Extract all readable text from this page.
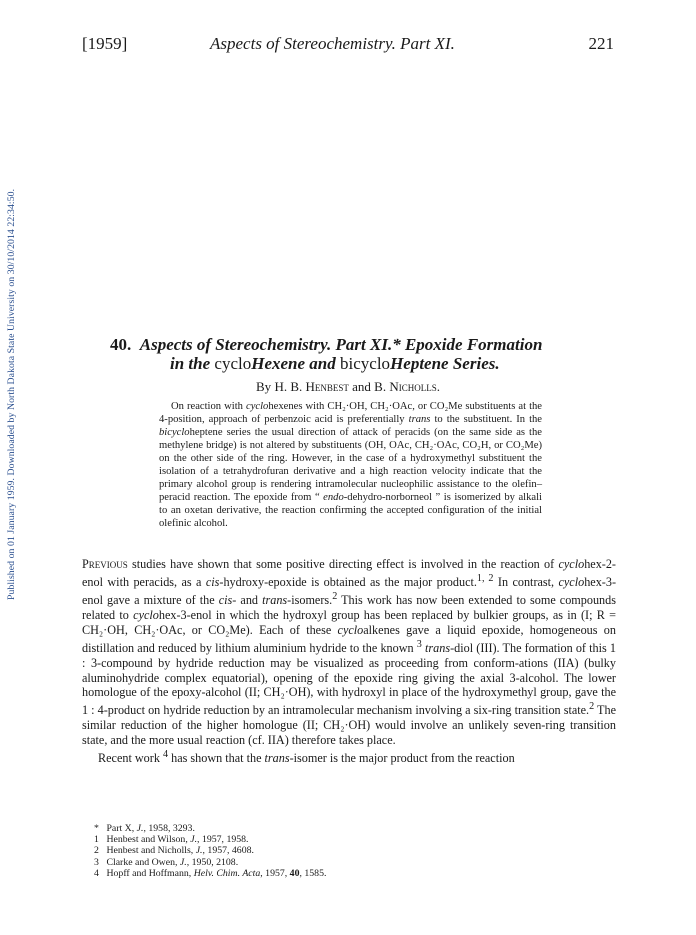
Published on 01 January 1959. Downloaded by North Dakota State University on 30/10/2014 22:34:50.
[1959]	Aspects of Stereochemistry. Part XI.	221
40. Aspects of Stereochemistry. Part XI.* Epoxide Formation
in the cycloHexene and bicycloHeptene Series.
By H. B. Henbest and B. Nicholls.

On reaction with cyclohexenes with CH₂·OH, CH₂·OAc, or CO₂Me substituents at the 4-position, approach of perbenzoic acid is preferentially trans to the substituent. In the bicycloheptene series the usual direction of attack of peracids (on the same side as the methylene bridge) is not altered by substituents (OH, OAc, CH₂·OAc, CO₂H, or CO₂Me) on the other side of the ring. However, in the case of a hydroxymethyl substituent the isolation of a tetrahydrofuran derivative and a high reaction velocity indicate that the primary alcohol group is rendering intramolecular nucleophilic assistance to the olefin–peracid reaction. The epoxide from “ endo-dehydro-norborneol ” is isomerized by alkali to an oxetan derivative, the reaction confirming the accepted configuration of the initial olefinic alcohol.

Previous studies have shown that some positive directing effect is involved in the reaction of cyclohex-2-enol with peracids, as a cis-hydroxy-epoxide is obtained as the major product.$^{1, 2}$ In contrast, cyclohex-3-enol gave a mixture of the cis- and trans-isomers.$^2$ This work has now been extended to some compounds related to cyclohex-3-enol in which the hydroxyl group has been replaced by bulkier groups, as in (I; R = CH₂·OH, CH₂·OAc, or CO₂Me). Each of these cycloalkenes gave a liquid epoxide, homogeneous on distillation and reduced by lithium aluminium hydride to the known $^3$ trans-diol (III). The formation of this 1 : 3-compound by hydride reduction may be visualized as proceeding from conform-ations (IIA) (bulky aluminohydride complex equatorial), opening of the epoxide ring giving the axial 3-alcohol. The lower homologue of the epoxy-alcohol (II; CH₂·OH), with hydroxyl in place of the hydroxymethyl group, gave the 1 : 4-product on hydride reduction by an intramolecular mechanism involving a six-ring transition state.$^2$ The similar reduction of the higher homologue (II; CH₂·OH) would involve an unlikely seven-ring transition state, and the more usual reaction (cf. IIA) therefore takes place.

Recent work $^4$ has shown that the trans-isomer is the major product from the reaction

* Part X, J., 1958, 3293.
1 Henbest and Wilson, J., 1957, 1958.
2 Henbest and Nicholls, J., 1957, 4608.
3 Clarke and Owen, J., 1950, 2108.
4 Hopff and Hoffmann, Helv. Chim. Acta, 1957, 40, 1585.
